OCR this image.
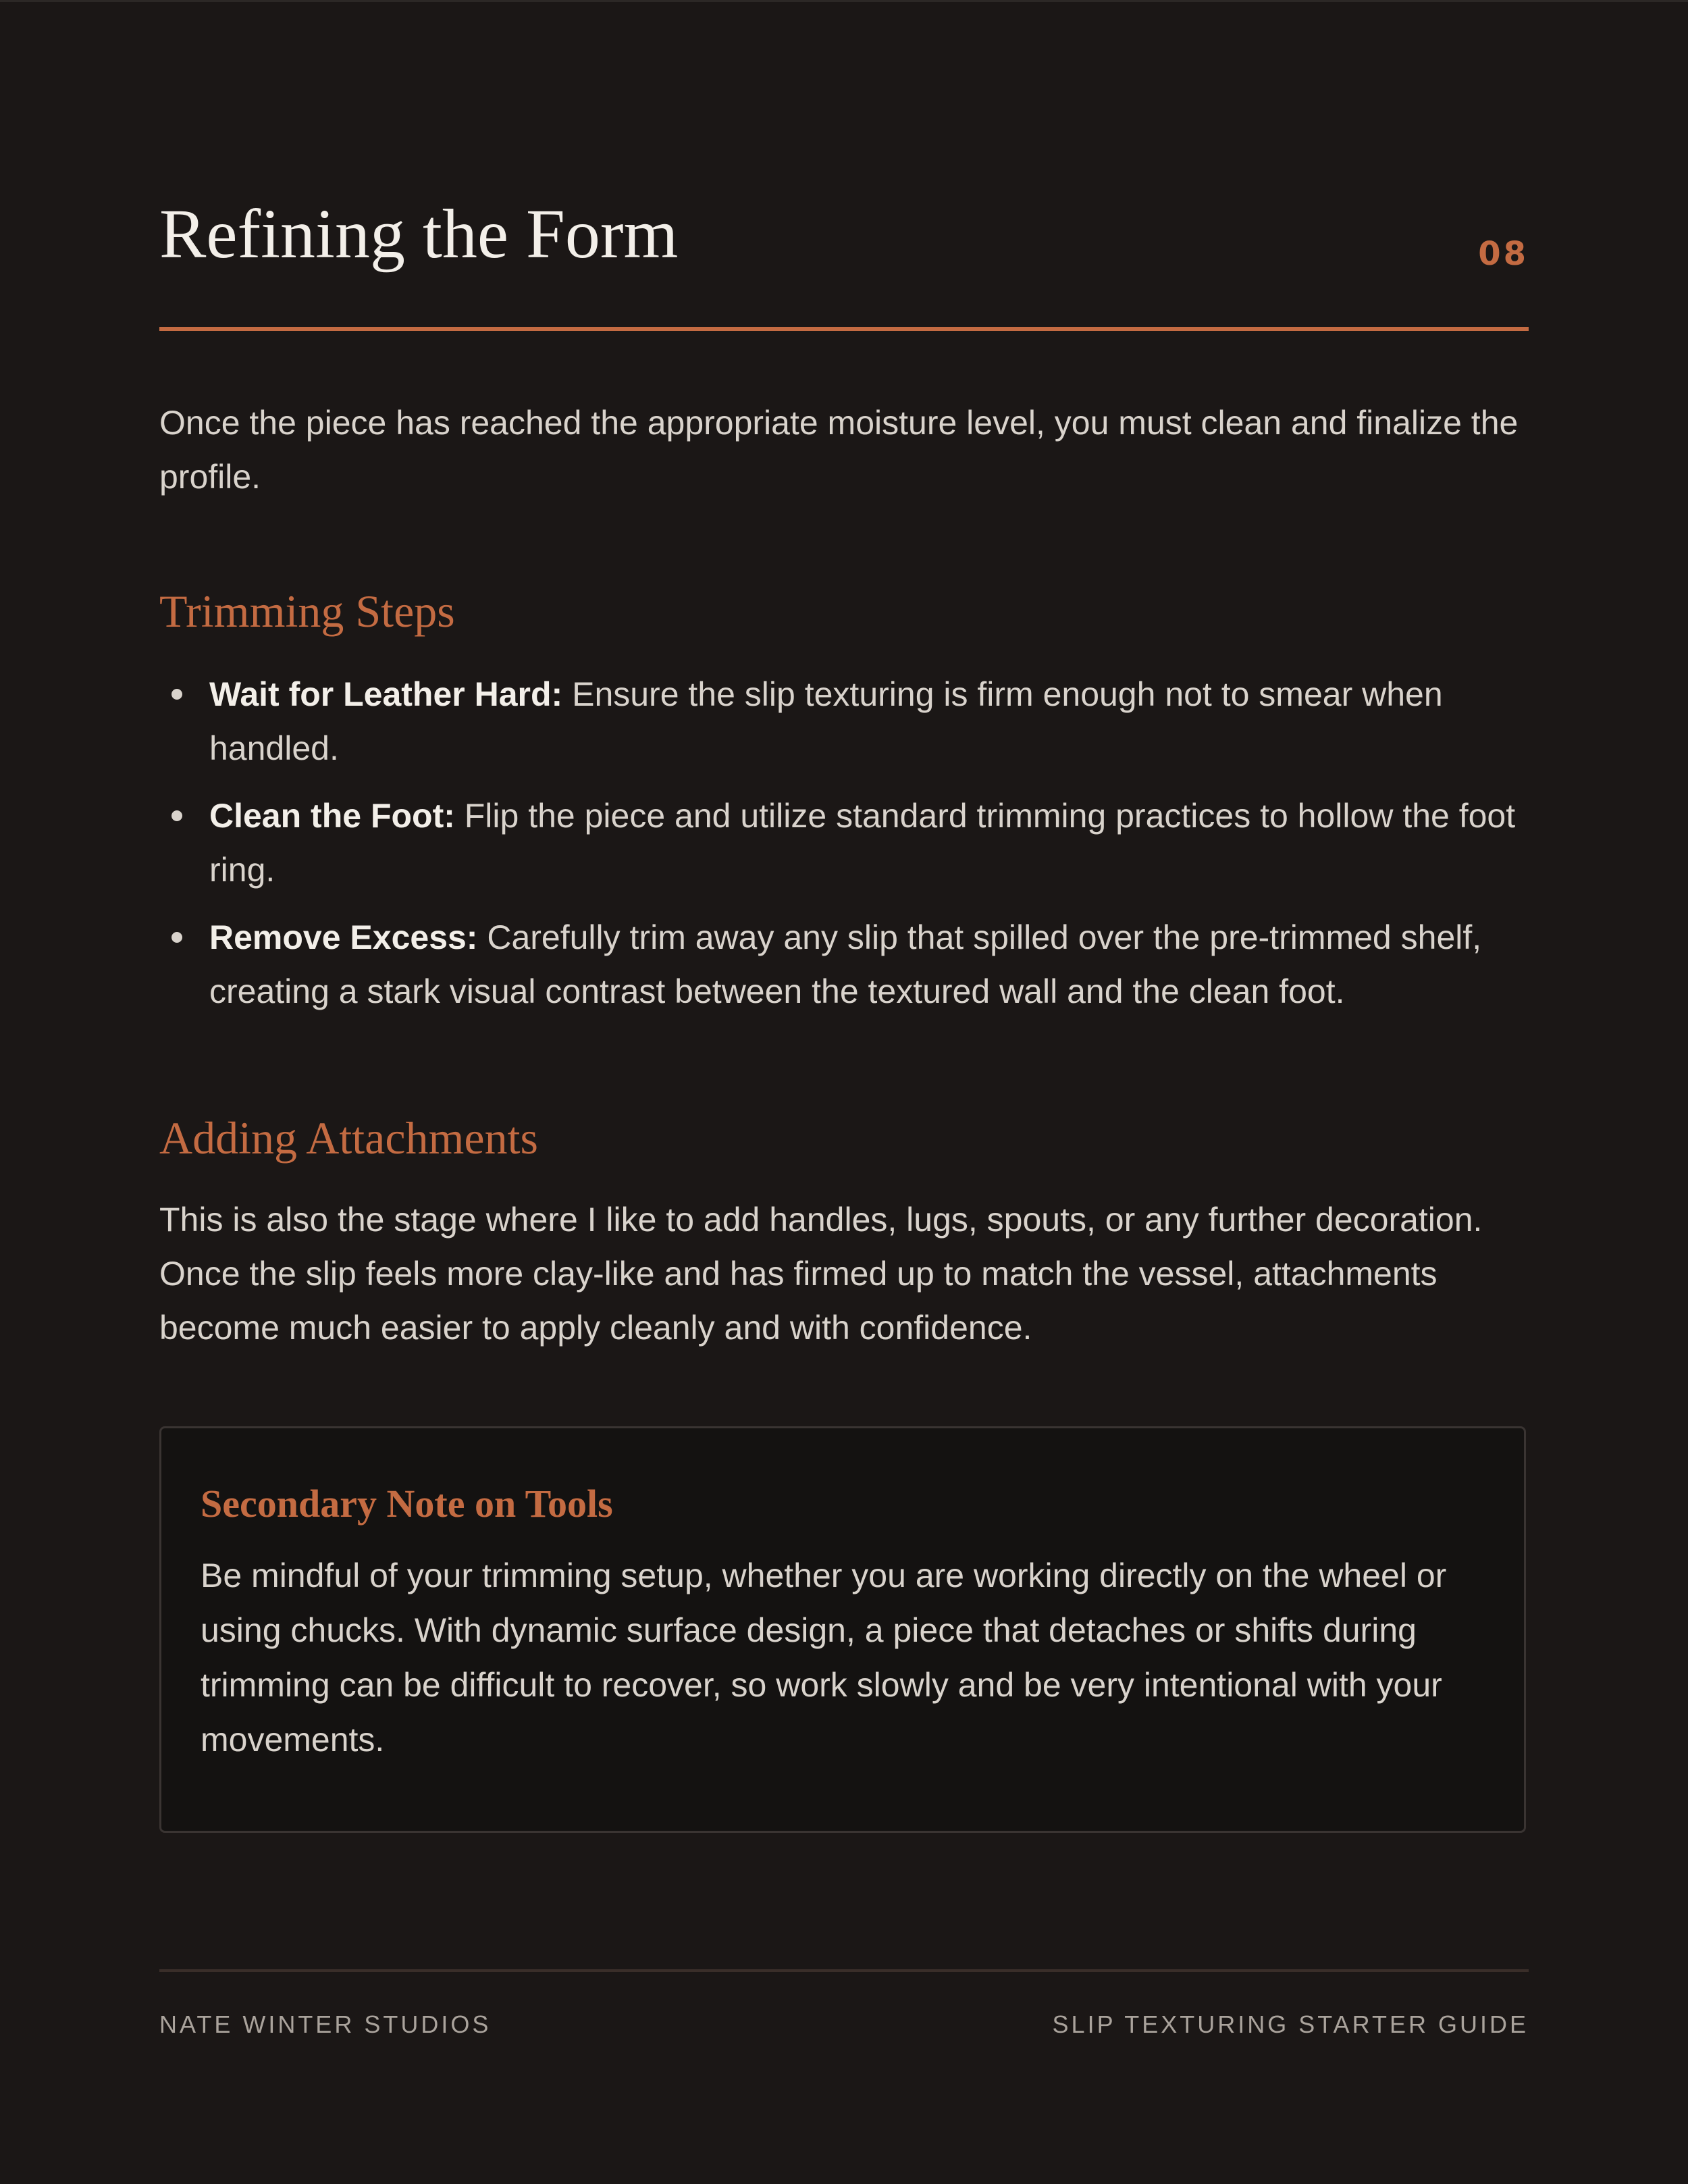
Refining the Form	08

Once the piece has reached the appropriate moisture level, you must clean and finalize the profile.

Trimming Steps
Wait for Leather Hard: Ensure the slip texturing is firm enough not to smear when handled.
Clean the Foot: Flip the piece and utilize standard trimming practices to hollow the foot ring.
Remove Excess: Carefully trim away any slip that spilled over the pre-trimmed shelf, creating a stark visual contrast between the textured wall and the clean foot.
Adding Attachments

This is also the stage where I like to add handles, lugs, spouts, or any further decoration. Once the slip feels more clay-like and has firmed up to match the vessel, attachments become much easier to apply cleanly and with confidence.

Secondary Note on Tools

Be mindful of your trimming setup, whether you are working directly on the wheel or using chucks. With dynamic surface design, a piece that detaches or shifts during trimming can be difficult to recover, so work slowly and be very intentional with your movements.

NATE WINTER STUDIOS	SLIP TEXTURING STARTER GUIDE
